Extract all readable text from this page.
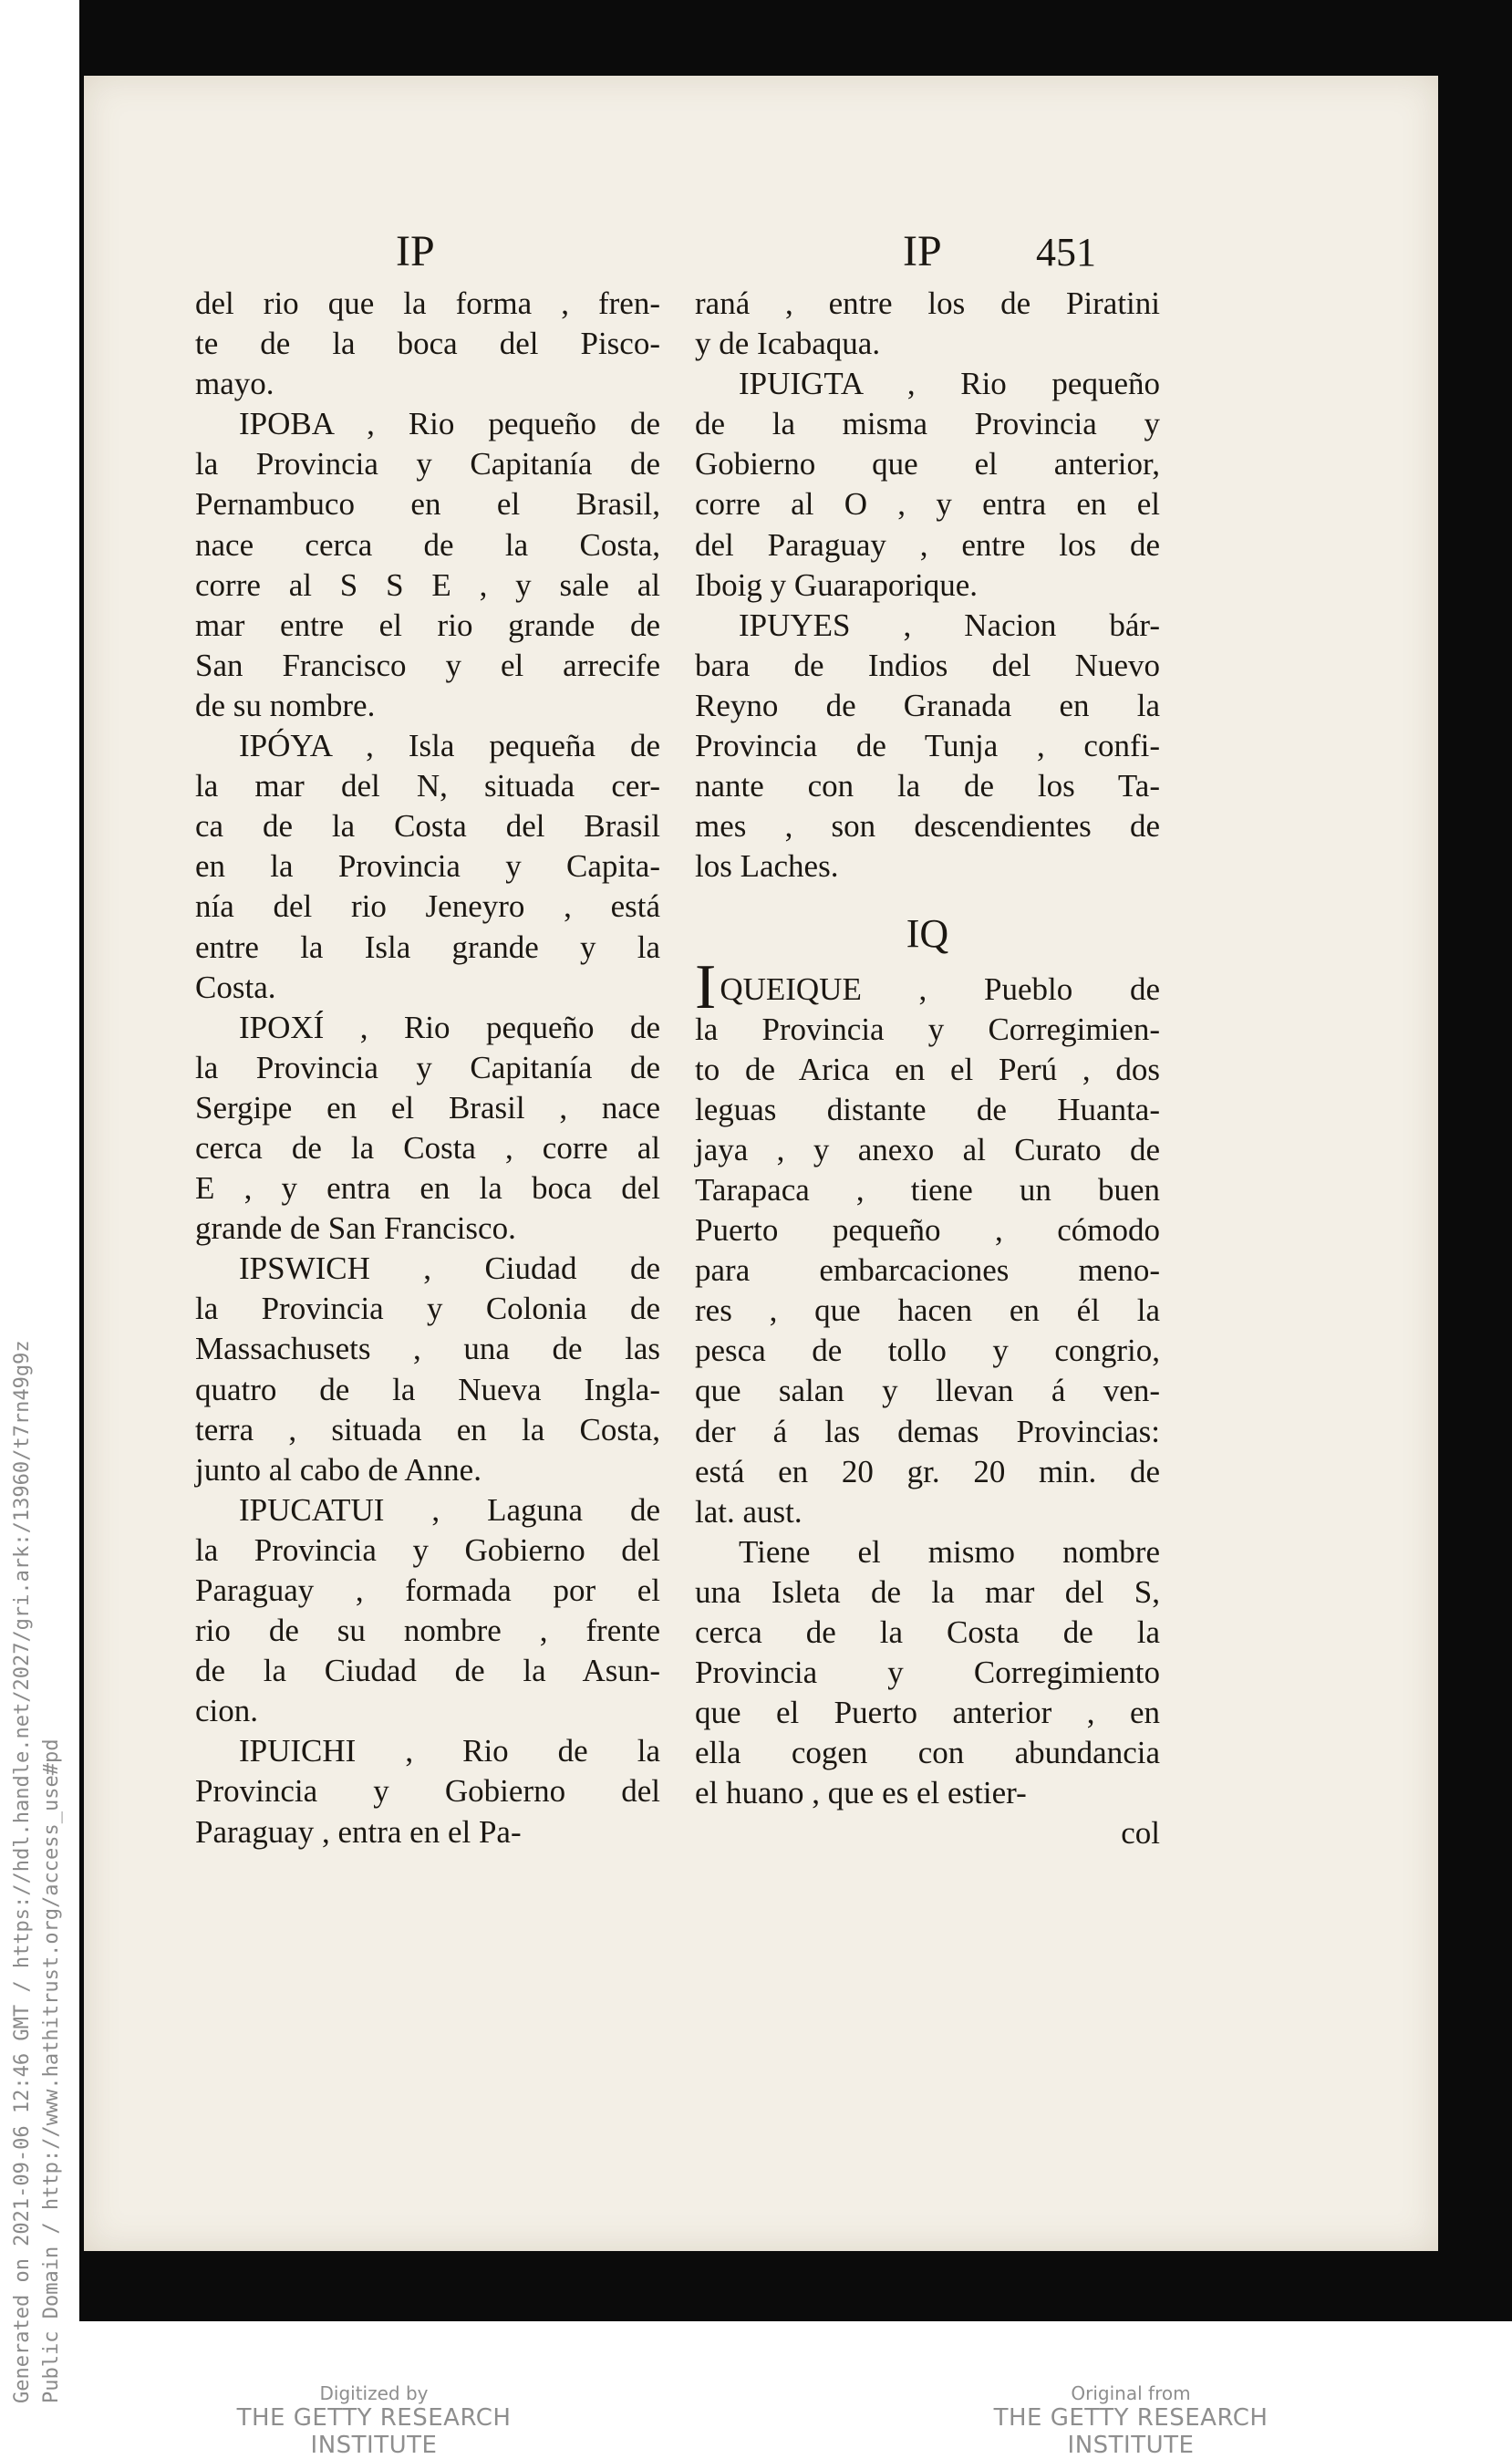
Generated on 2021-09-06 12:46 GMT / https://hdl.handle.net/2027/gri.ark:/13960/t7rn49g9z Public Domain / http://www.hathitrust.org/access_use#pd
IP	IP 451
del rio que la forma , fren-
te de la boca del Pisco-
mayo.
IPOBA , Rio pequeño de
la Provincia y Capitanía de
Pernambuco en el Brasil,
nace cerca de la Costa,
corre al S S E , y sale al
mar entre el rio grande de
San Francisco y el arrecife
de su nombre.
IPÓYA , Isla pequeña de
la mar del N, situada cer-
ca de la Costa del Brasil
en la Provincia y Capita-
nía del rio Jeneyro , está
entre la Isla grande y la
Costa.
IPOXÍ , Rio pequeño de
la Provincia y Capitanía de
Sergipe en el Brasil , nace
cerca de la Costa , corre al
E , y entra en la boca del
grande de San Francisco.
IPSWICH , Ciudad de
la Provincia y Colonia de
Massachusets , una de las
quatro de la Nueva Ingla-
terra , situada en la Costa,
junto al cabo de Anne.
IPUCATUI , Laguna de
la Provincia y Gobierno del
Paraguay , formada por el
rio de su nombre , frente
de la Ciudad de la Asun-
cion.
IPUICHI , Rio de la
Provincia y Gobierno del
Paraguay , entra en el Pa-
raná , entre los de Piratini
y de Icabaqua.
IPUIGTA , Rio pequeño
de la misma Provincia y
Gobierno que el anterior,
corre al O , y entra en el
del Paraguay , entre los de
Iboig y Guaraporique.
IPUYES , Nacion bár-
bara de Indios del Nuevo
Reyno de Granada en la
Provincia de Tunja , confi-
nante con la de los Ta-
mes , son descendientes de
los Laches.
IQ
I QUEIQUE , Pueblo de
la Provincia y Corregimien-
to de Arica en el Perú , dos
leguas distante de Huanta-
jaya , y anexo al Curato de
Tarapaca , tiene un buen
Puerto pequeño , cómodo
para embarcaciones meno-
res , que hacen en él la
pesca de tollo y congrio,
que salan y llevan á ven-
der á las demas Provincias:
está en 20 gr. 20 min. de
lat. aust.
Tiene el mismo nombre
una Isleta de la mar del S,
cerca de la Costa de la
Provincia y Corregimiento
que el Puerto anterior , en
ella cogen con abundancia
el huano , que es el estier-
col
Digitized by
THE GETTY RESEARCH INSTITUTE
Original from
THE GETTY RESEARCH INSTITUTE
